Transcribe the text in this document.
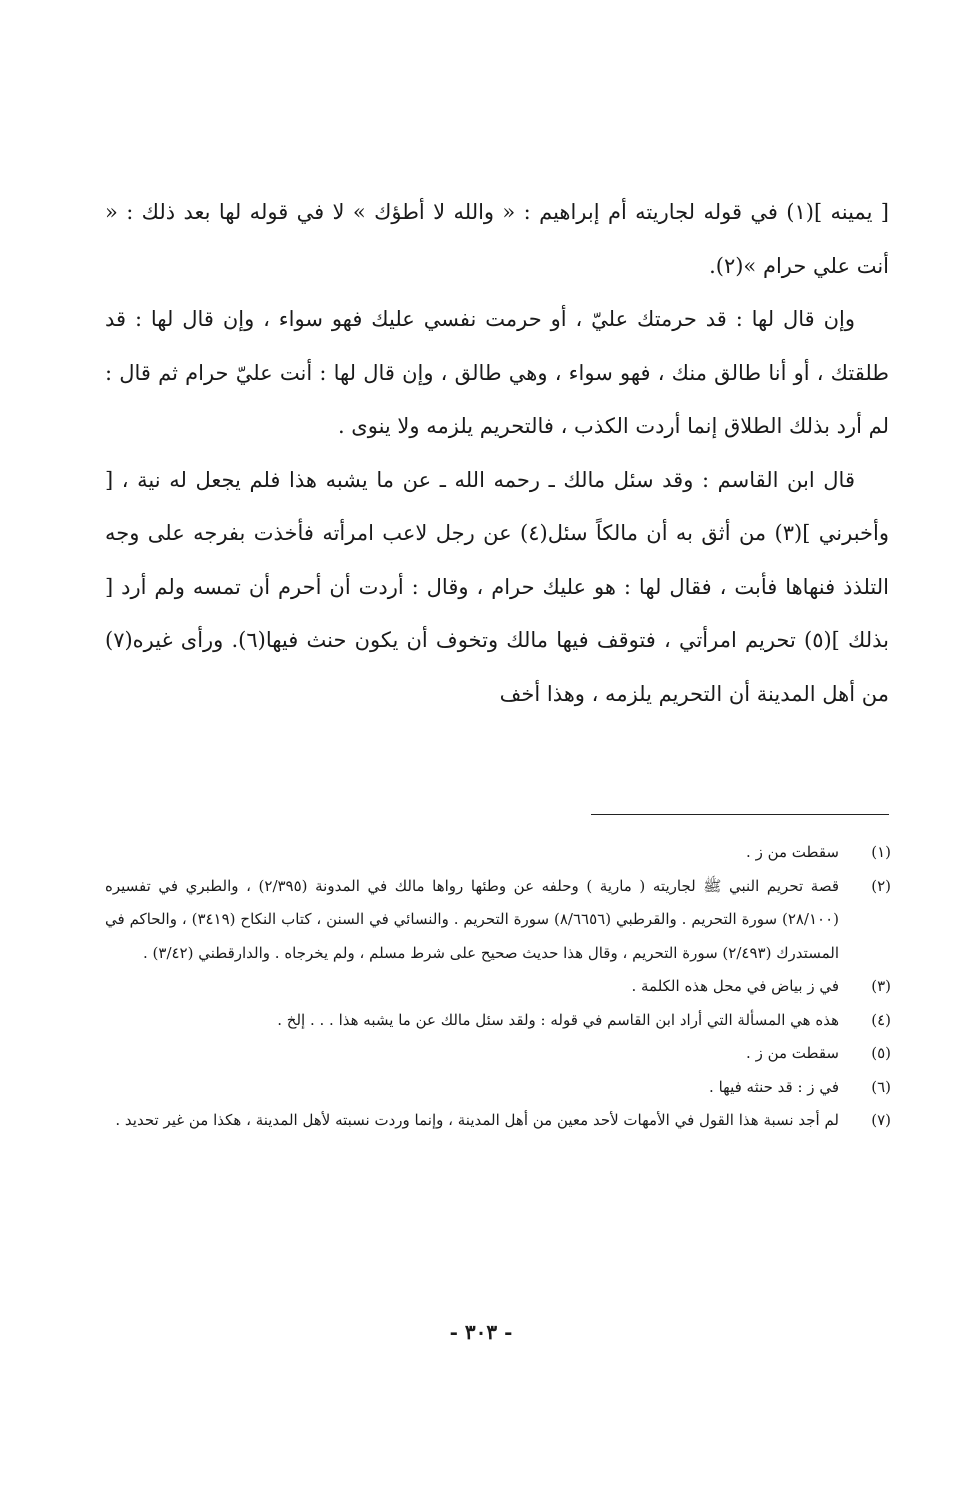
[ يمينه ](١) في قوله لجاريته أم إبراهيم : « والله لا أطؤك » لا في قوله لها بعد ذلك : « أنت علي حرام »(٢).

وإن قال لها : قد حرمتك عليّ ، أو حرمت نفسي عليك فهو سواء ، وإن قال لها : قد طلقتك ، أو أنا طالق منك ، فهو سواء ، وهي طالق ، وإن قال لها : أنت عليّ حرام ثم قال : لم أرد بذلك الطلاق إنما أردت الكذب ، فالتحريم يلزمه ولا ينوى .

قال ابن القاسم : وقد سئل مالك ـ رحمه الله ـ عن ما يشبه هذا فلم يجعل له نية ، [ وأخبرني ](٣) من أثق به أن مالكاً سئل(٤) عن رجل لاعب امرأته فأخذت بفرجه على وجه التلذذ فنهاها فأبت ، فقال لها : هو عليك حرام ، وقال : أردت أن أحرم أن تمسه ولم أرد [ بذلك ](٥) تحريم امرأتي ، فتوقف فيها مالك وتخوف أن يكون حنث فيها(٦). ورأى غيره(٧) من أهل المدينة أن التحريم يلزمه ، وهذا أخف

(١)
سقطت من ز .
(٢)
قصة تحريم النبي ﷺ لجاريته ( مارية ) وحلفه عن وطئها رواها مالك في المدونة (٢/٣٩٥) ، والطبري في تفسيره (٢٨/١٠٠) سورة التحريم . والقرطبي (٨/٦٦٥٦) سورة التحريم . والنسائي في السنن ، كتاب النكاح (٣٤١٩) ، والحاكم في المستدرك (٢/٤٩٣) سورة التحريم ، وقال هذا حديث صحيح على شرط مسلم ، ولم يخرجاه . والدارقطني (٣/٤٢) .
(٣)
في ز بياض في محل هذه الكلمة .
(٤)
هذه هي المسألة التي أراد ابن القاسم في قوله : ولقد سئل مالك عن ما يشبه هذا . . . إلخ .
(٥)
سقطت من ز .
(٦)
في ز : قد حنثه فيها .
(٧)
لم أجد نسبة هذا القول في الأمهات لأحد معين من أهل المدينة ، وإنما وردت نسبته لأهل المدينة ، هكذا من غير تحديد .
- ٣٠٣ -
